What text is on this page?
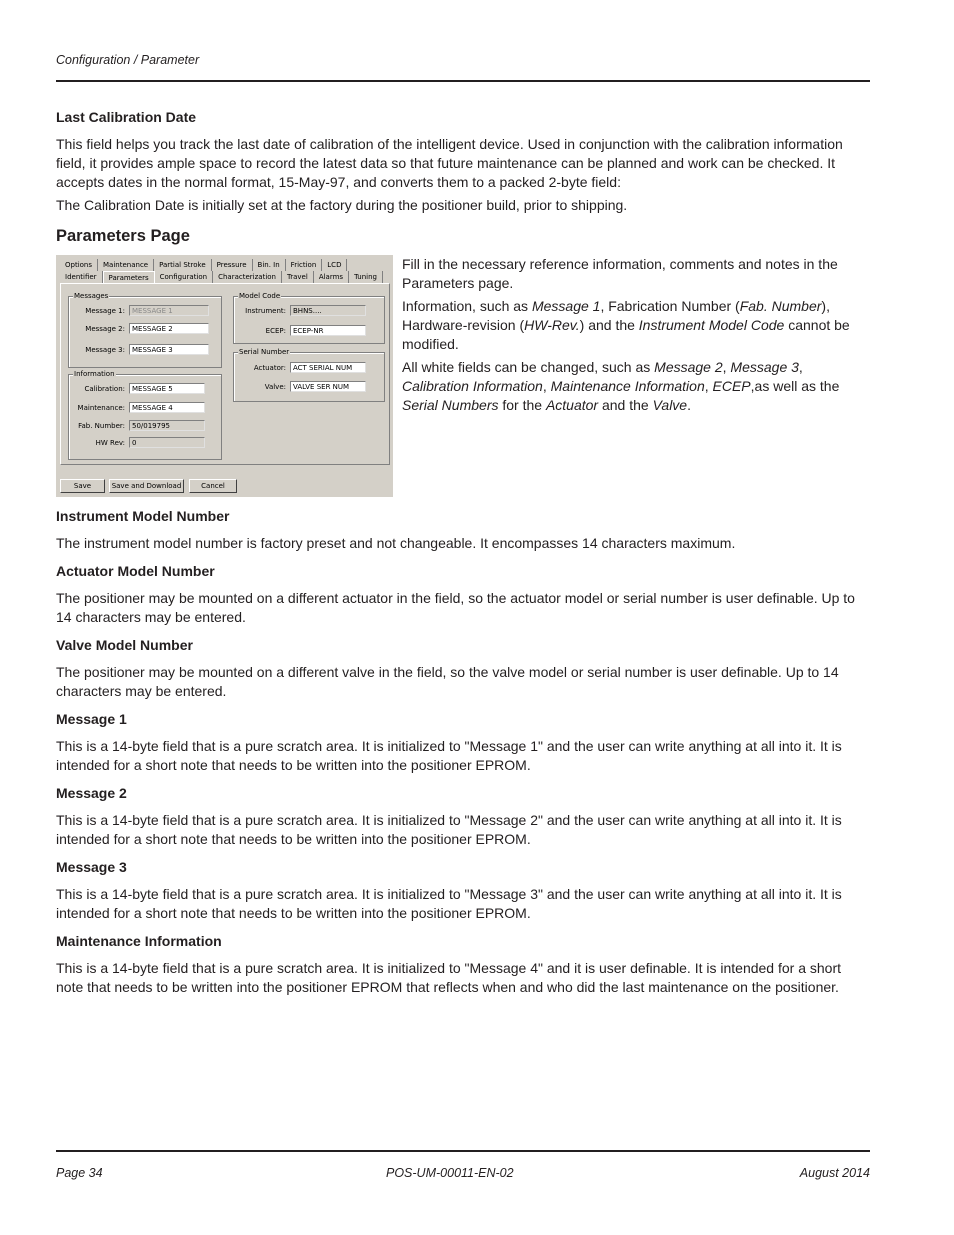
Configuration / Parameter
Last Calibration Date

This field helps you track the last date of calibration of the intelligent device. Used in conjunction with the calibration information field, it provides ample space to record the latest data so that future maintenance can be planned and work can be checked. It accepts dates in the normal format, 15-May-97, and converts them to a packed 2-byte field:

The Calibration Date is initially set at the factory during the positioner build, prior to shipping.

Parameters Page
Options	Maintenance	Partial Stroke	Pressure	Bin. In	Friction	LCD
Identifier	Parameters	Configuration	Characterization	Travel	Alarms	Tuning
Messages
Message 1:	MESSAGE 1
Message 2:	MESSAGE 2
Message 3:	MESSAGE 3
Information
Calibration:	MESSAGE 5
Maintenance:	MESSAGE 4
Fab. Number:	50/019795
HW Rev:	0
Model Code
Instrument:	BHNS....
ECEP:	ECEP-NR
Serial Number
Actuator:	ACT SERIAL NUM
Valve:	VALVE SER NUM
Save	Save and Download	Cancel

Fill in the necessary reference information, comments and notes in the Parameters page.

Information, such as Message 1, Fabrication Number (Fab. Number), Hardware-revision (HW-Rev.) and the Instrument Model Code cannot be modified.

All white fields can be changed, such as Message 2, Message 3, Calibration Information, Maintenance Information, ECEP,as well as the Serial Numbers for the Actuator and the Valve.

Instrument Model Number

The instrument model number is factory preset and not changeable. It encompasses 14 characters maximum.

Actuator Model Number

The positioner may be mounted on a different actuator in the field, so the actuator model or serial number is user definable. Up to 14 characters may be entered.

Valve Model Number

The positioner may be mounted on a different valve in the field, so the valve model or serial number is user definable. Up to 14 characters may be entered.

Message 1

This is a 14-byte field that is a pure scratch area. It is initialized to "Message 1" and the user can write anything at all into it. It is intended for a short note that needs to be written into the positioner EPROM.

Message 2

This is a 14-byte field that is a pure scratch area. It is initialized to "Message 2" and the user can write anything at all into it. It is intended for a short note that needs to be written into the positioner EPROM.

Message 3

This is a 14-byte field that is a pure scratch area. It is initialized to "Message 3" and the user can write anything at all into it. It is intended for a short note that needs to be written into the positioner EPROM.

Maintenance Information

This is a 14-byte field that is a pure scratch area. It is initialized to "Message 4" and it is user definable. It is intended for a short note that needs to be written into the positioner EPROM that reflects when and who did the last maintenance on the positioner.

Page 34	POS-UM-00011-EN-02	August 2014
